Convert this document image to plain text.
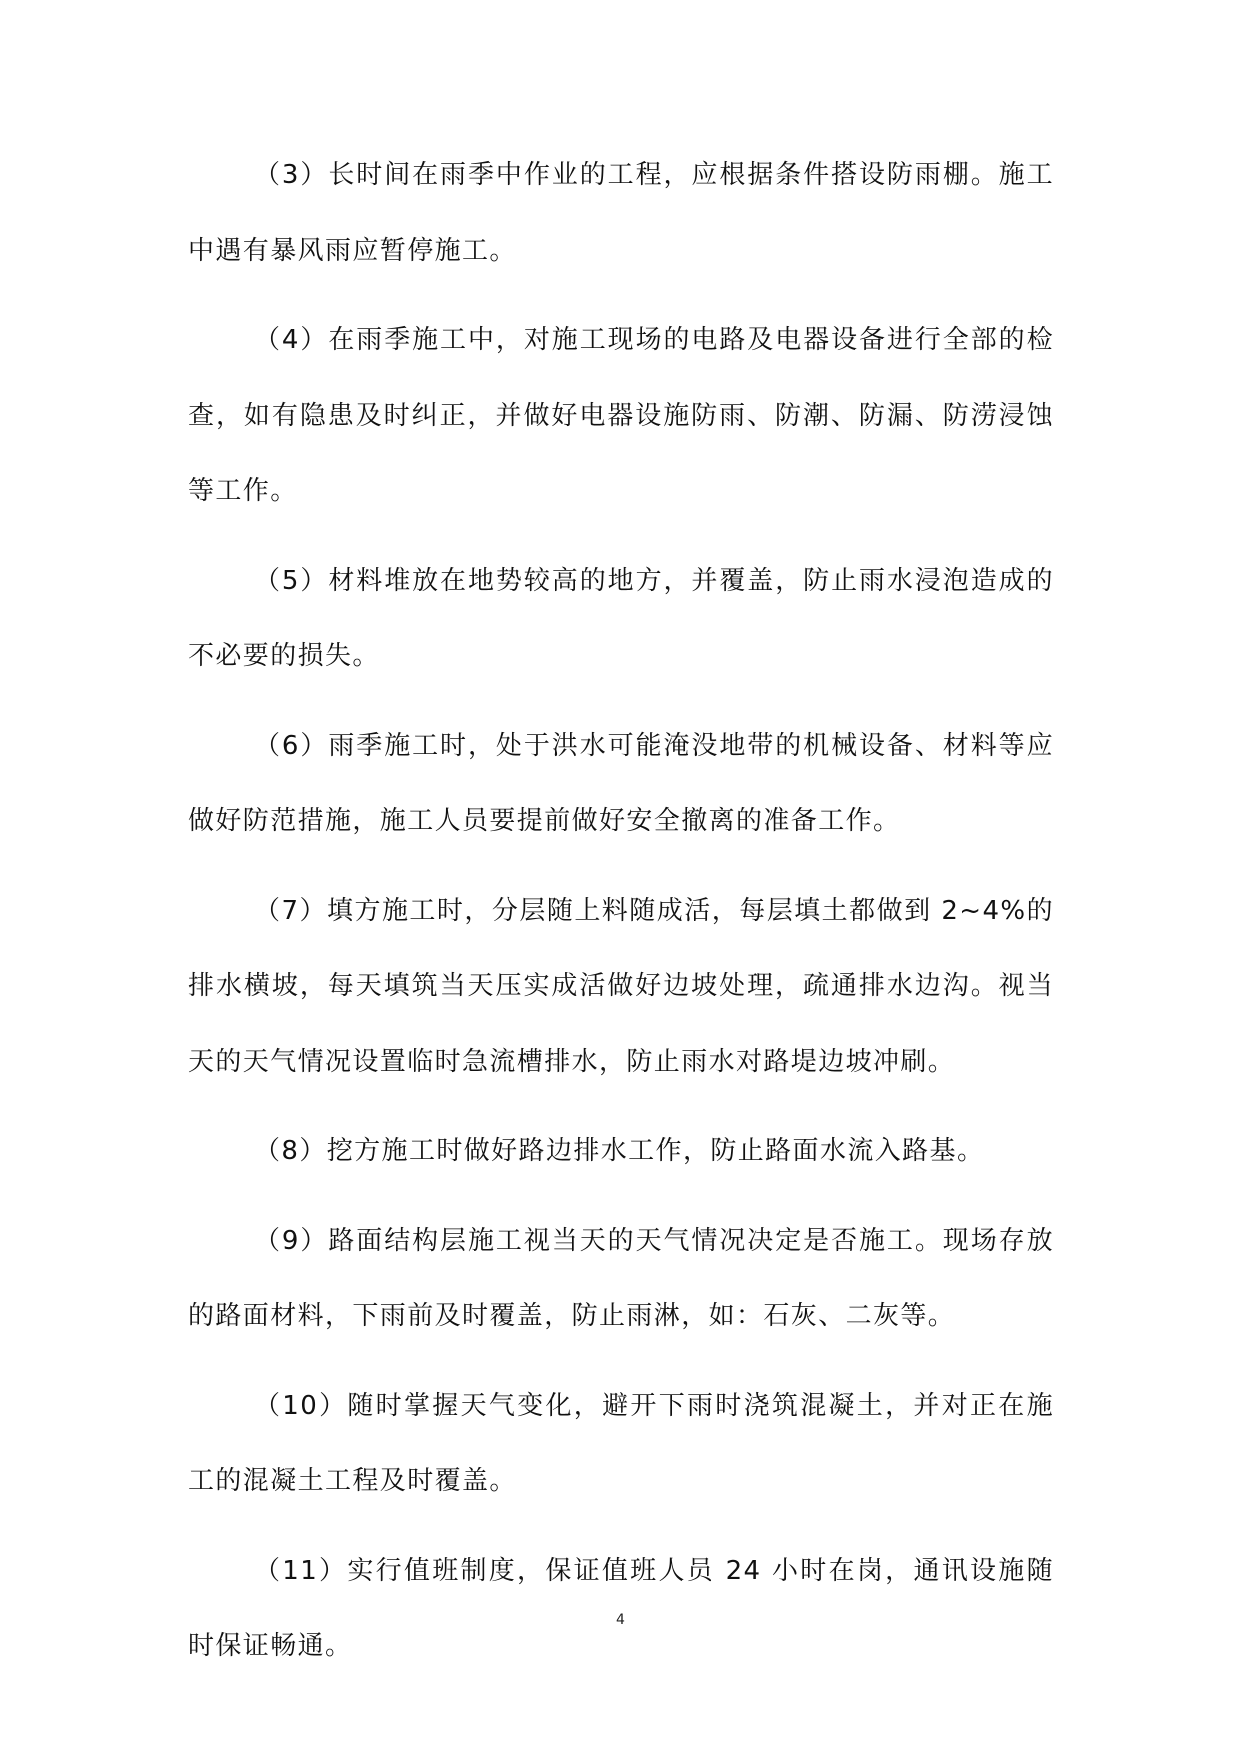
（3）长时间在雨季中作业的工程，应根据条件搭设防雨棚。施工中遇有暴风雨应暂停施工。

（4）在雨季施工中，对施工现场的电路及电器设备进行全部的检查，如有隐患及时纠正，并做好电器设施防雨、防潮、防漏、防涝浸蚀等工作。

（5）材料堆放在地势较高的地方，并覆盖，防止雨水浸泡造成的不必要的损失。

（6）雨季施工时，处于洪水可能淹没地带的机械设备、材料等应做好防范措施，施工人员要提前做好安全撤离的准备工作。

（7）填方施工时，分层随上料随成活，每层填土都做到 2~4%的排水横坡，每天填筑当天压实成活做好边坡处理，疏通排水边沟。视当天的天气情况设置临时急流槽排水，防止雨水对路堤边坡冲刷。

（8）挖方施工时做好路边排水工作，防止路面水流入路基。

（9）路面结构层施工视当天的天气情况决定是否施工。现场存放的路面材料，下雨前及时覆盖，防止雨淋，如：石灰、二灰等。

（10）随时掌握天气变化，避开下雨时浇筑混凝土，并对正在施工的混凝土工程及时覆盖。

（11）实行值班制度，保证值班人员 24 小时在岗，通讯设施随时保证畅通。

4
